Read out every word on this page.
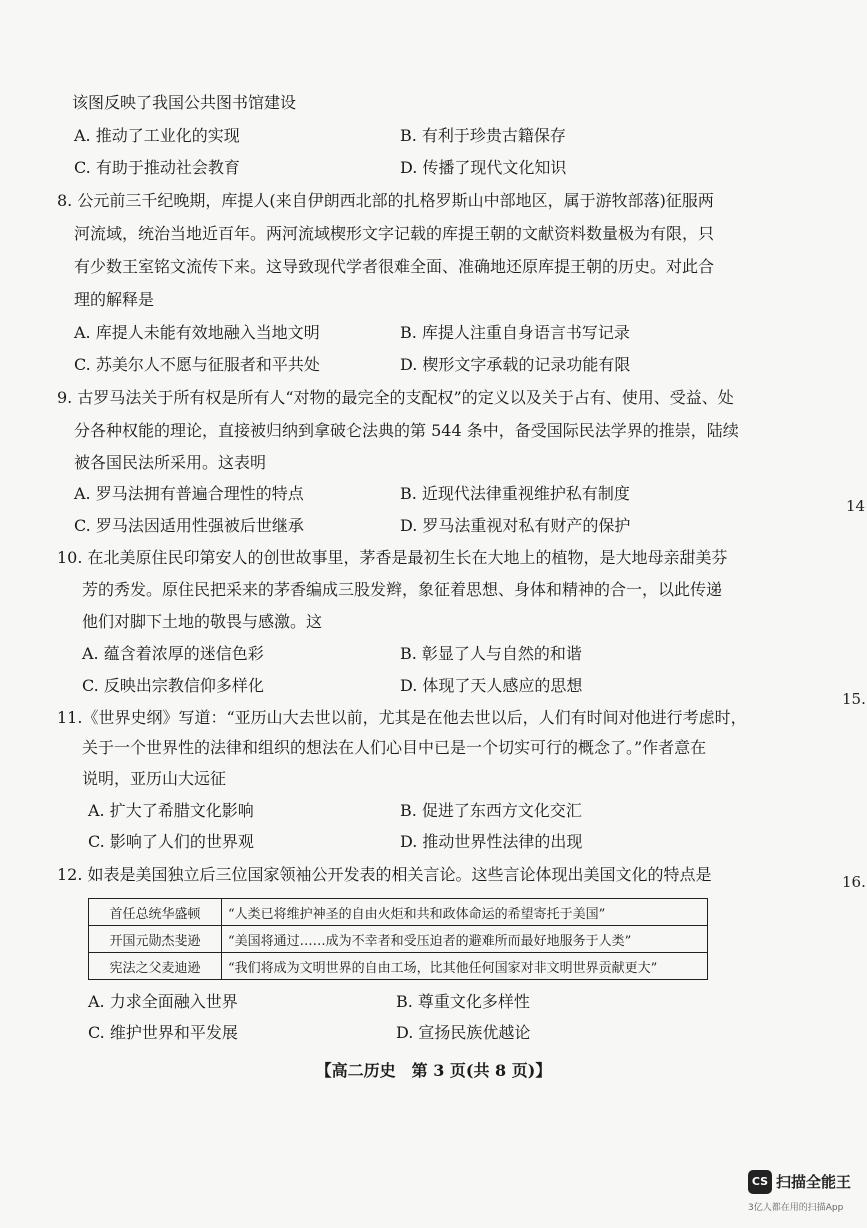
该图反映了我国公共图书馆建设
A. 推动了工业化的实现	B. 有利于珍贵古籍保存
C. 有助于推动社会教育	D. 传播了现代文化知识
8. 公元前三千纪晚期，库提人(来自伊朗西北部的扎格罗斯山中部地区，属于游牧部落)征服两
河流域，统治当地近百年。两河流域楔形文字记载的库提王朝的文献资料数量极为有限，只
有少数王室铭文流传下来。这导致现代学者很难全面、准确地还原库提王朝的历史。对此合
理的解释是
A. 库提人未能有效地融入当地文明	B. 库提人注重自身语言书写记录
C. 苏美尔人不愿与征服者和平共处	D. 楔形文字承载的记录功能有限
9. 古罗马法关于所有权是所有人“对物的最完全的支配权”的定义以及关于占有、使用、受益、处
分各种权能的理论，直接被归纳到拿破仑法典的第 544 条中，备受国际民法学界的推崇，陆续
被各国民法所采用。这表明
A. 罗马法拥有普遍合理性的特点	B. 近现代法律重视维护私有制度
C. 罗马法因适用性强被后世继承	D. 罗马法重视对私有财产的保护
10. 在北美原住民印第安人的创世故事里，茅香是最初生长在大地上的植物，是大地母亲甜美芬
芳的秀发。原住民把采来的茅香编成三股发辫，象征着思想、身体和精神的合一，以此传递
他们对脚下土地的敬畏与感激。这
A. 蕴含着浓厚的迷信色彩	B. 彰显了人与自然的和谐
C. 反映出宗教信仰多样化	D. 体现了天人感应的思想
11.《世界史纲》写道：“亚历山大去世以前，尤其是在他去世以后，人们有时间对他进行考虑时，
关于一个世界性的法律和组织的想法在人们心目中已是一个切实可行的概念了。”作者意在
说明，亚历山大远征
A. 扩大了希腊文化影响	B. 促进了东西方文化交汇
C. 影响了人们的世界观	D. 推动世界性法律的出现
12. 如表是美国独立后三位国家领袖公开发表的相关言论。这些言论体现出美国文化的特点是
首任总统华盛顿	“人类已将维护神圣的自由火炬和共和政体命运的希望寄托于美国”
开国元勋杰斐逊	“美国将通过……成为不幸者和受压迫者的避难所而最好地服务于人类”
宪法之父麦迪逊	“我们将成为文明世界的自由工场，比其他任何国家对非文明世界贡献更大”
A. 力求全面融入世界	B. 尊重文化多样性
C. 维护世界和平发展	D. 宣扬民族优越论
14
15.
16.
【高二历史　第 3 页(共 8 页)】
CS 扫描全能王
3亿人都在用的扫描App
